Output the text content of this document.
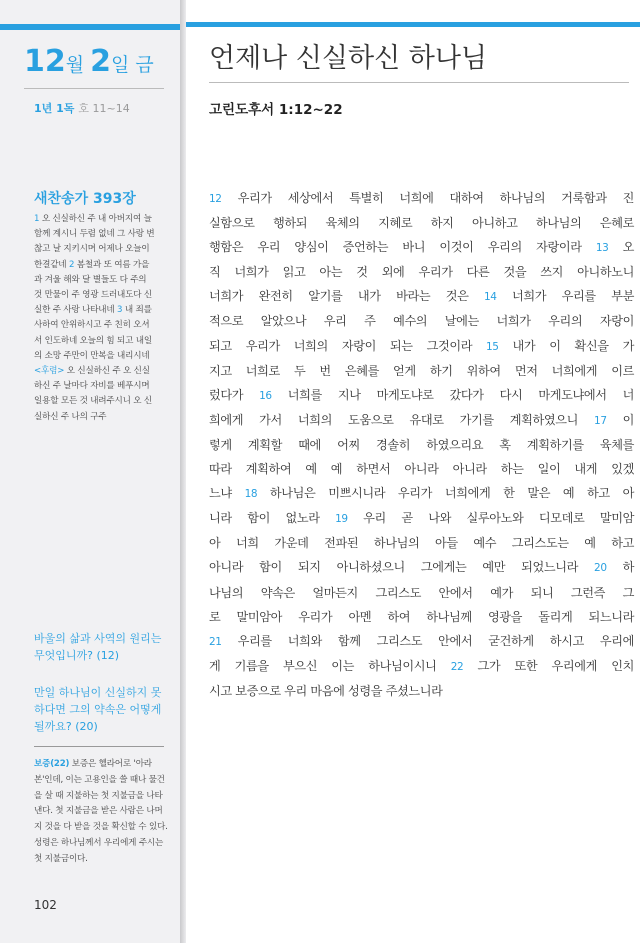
12월 2일 금
1년 1독 호 11~14
새찬송가 393장
1 오 신실하신 주 내 아버지여 늘
함께 계시니 두렴 없네 그 사랑 변
찮고 날 지키시며 어제나 오늘이
한결같네 2 봄철과 또 여름 가을
과 겨울 해와 달 별들도 다 주의
것 만물이 주 영광 드러내도다 신
실한 주 사랑 나타내네 3 내 죄를
사하여 안위하시고 주 친히 오셔
서 인도하네 오늘의 힘 되고 내일
의 소망 주만이 만복을 내리시네
<후렴> 오 신실하신 주 오 신실
하신 주 날마다 자비를 베푸시며
일용할 모든 것 내려주시니 오 신
실하신 주 나의 구주
바울의 삶과 사역의 원리는 무엇입니까? (12)
만일 하나님이 신실하지 못하다면 그의 약속은 어떻게 될까요? (20)
보증(22) 보증은 헬라어로 '아라본'인데, 이는 고용인을 쓸 때나 물건을 살 때 지불하는 첫 지불금을 나타낸다. 첫 지불금을 받은 사람은 나머지 것을 다 받을 것을 확신할 수 있다. 성령은 하나님께서 우리에게 주시는 첫 지불금이다.
102
언제나 신실하신 하나님
고린도후서 1:12~22
12 우리가 세상에서 특별히 너희에 대하여 하나님의 거룩함과 진
실함으로 행하되 육체의 지혜로 하지 아니하고 하나님의 은혜로
행함은 우리 양심이 증언하는 바니 이것이 우리의 자랑이라 13 오
직 너희가 읽고 아는 것 외에 우리가 다른 것을 쓰지 아니하노니
너희가 완전히 알기를 내가 바라는 것은 14 너희가 우리를 부분
적으로 알았으나 우리 주 예수의 날에는 너희가 우리의 자랑이
되고 우리가 너희의 자랑이 되는 그것이라 15 내가 이 확신을 가
지고 너희로 두 번 은혜를 얻게 하기 위하여 먼저 너희에게 이르
렀다가 16 너희를 지나 마게도냐로 갔다가 다시 마게도냐에서 너
희에게 가서 너희의 도움으로 유대로 가기를 계획하였으니 17 이
렇게 계획할 때에 어찌 경솔히 하였으리요 혹 계획하기를 육체를
따라 계획하여 예 예 하면서 아니라 아니라 하는 일이 내게 있겠
느냐 18 하나님은 미쁘시니라 우리가 너희에게 한 말은 예 하고 아
니라 함이 없노라 19 우리 곧 나와 실루아노와 디모데로 말미암
아 너희 가운데 전파된 하나님의 아들 예수 그리스도는 예 하고
아니라 함이 되지 아니하셨으니 그에게는 예만 되었느니라 20 하
나님의 약속은 얼마든지 그리스도 안에서 예가 되니 그런즉 그
로 말미암아 우리가 아멘 하여 하나님께 영광을 돌리게 되느니라
21 우리를 너희와 함께 그리스도 안에서 굳건하게 하시고 우리에
게 기름을 부으신 이는 하나님이시니 22 그가 또한 우리에게 인치
시고 보증으로 우리 마음에 성령을 주셨느니라
